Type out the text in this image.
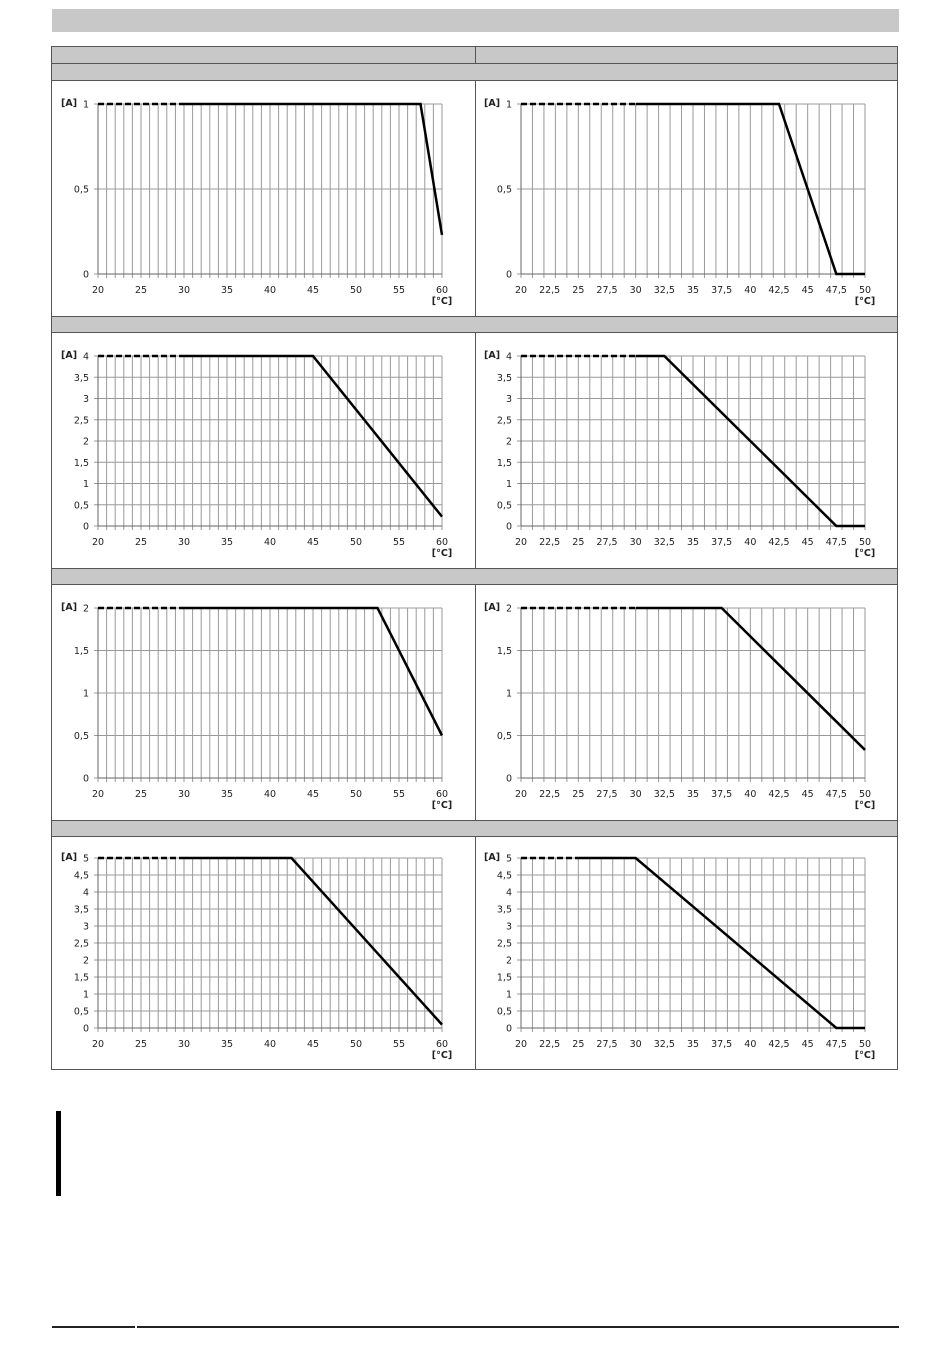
0
0,5
1
20	25	30	35	40	45	50	55	60
[A]
[°C]
0
0,5
1
20 22,5 25 27,5 30 32,5 35 37,5 40 42,5 45 47,5 50
[A]
[°C]
0
0,5
1
1,5
2
2,5
3
3,5
4
20	25	30	35	40	45	50	55	60
[A]
[°C]
0
0,5
1
1,5
2
2,5
3
3,5
4
20 22,5 25 27,5 30 32,5 35 37,5 40 42,5 45 47,5 50
[A]
[°C]
0
0,5
1
1,5
2
20	25	30	35	40	45	50	55	60
[A]
[°C]
0
0,5
1
1,5
2
20 22,5 25 27,5 30 32,5 35 37,5 40 42,5 45 47,5 50
[A]
[°C]
0
0,5
1
1,5
2
2,5
3
3,5
4
4,5
5
20	25	30	35	40	45	50	55	60
[A]
[°C]
0
0,5
1
1,5
2
2,5
3
3,5
4
4,5
5
20 22,5 25 27,5 30 32,5 35 37,5 40 42,5 45 47,5 50
[A]
[°C]
